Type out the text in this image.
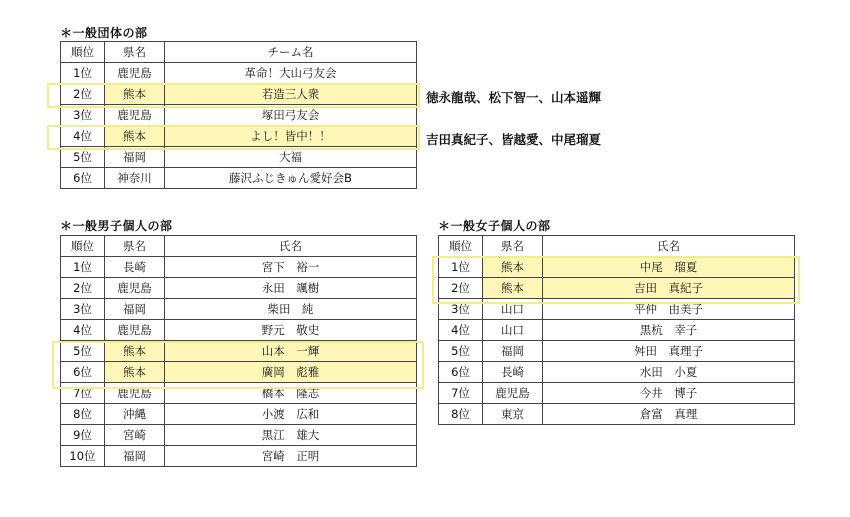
＊一般団体の部
順位	県名	チーム名
1位	鹿児島	革命！大山弓友会
2位	熊本	若造三人衆
3位	鹿児島	塚田弓友会
4位	熊本	よし！皆中！！
5位	福岡	大福
6位	神奈川	藤沢ふじきゅん愛好会B
徳永龍哉、松下智一、山本遥輝
吉田真紀子、皆越愛、中尾瑠夏
＊一般男子個人の部
順位	県名	氏名
1位	長崎	宮下　裕一
2位	鹿児島	永田　颯樹
3位	福岡	柴田　純
4位	鹿児島	野元　敬史
5位	熊本	山本　一輝
6位	熊本	廣岡　彪雅
7位	鹿児島	橋本　隆志
8位	沖縄	小渡　広和
9位	宮崎	黒江　雄大
10位	福岡	宮崎　正明
＊一般女子個人の部
順位	県名	氏名
1位	熊本	中尾　瑠夏
2位	熊本	吉田　真紀子
3位	山口	平仲　由美子
4位	山口	黒杭　幸子
5位	福岡	舛田　真理子
6位	長崎	水田　小夏
7位	鹿児島	今井　博子
8位	東京	倉富　真理
